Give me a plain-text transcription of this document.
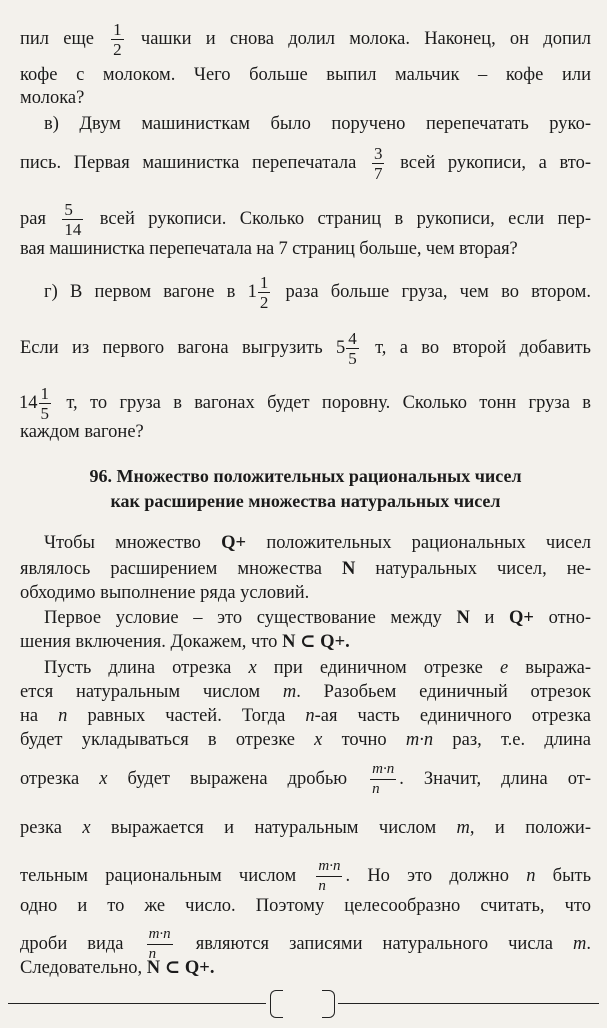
пил еще $\frac{1}{2}$ чашки и снова долил молока. Наконец, он допил
кофе с молоком. Чего больше выпил мальчик – кофе или
молока?
в) Двум машинисткам было поручено перепечатать руко-
пись. Первая машинистка перепечатала $\frac{3}{7}$ всей рукописи, а вто-
рая $\frac{5}{14}$ всей рукописи. Сколько страниц в рукописи, если пер-
вая машинистка перепечатала на 7 страниц больше, чем вторая?
г) В первом вагоне в $1 \frac{1}{2}$ раза больше груза, чем во втором.
Если из первого вагона выгрузить $5 \frac{4}{5} т$, а во второй добавить
$14 \frac{1}{5} т$, то груза в вагонах будет поровну. Сколько тонн груза в
каждом вагоне?
96. Множество положительных рациональных чисел
как расширение множества натуральных чисел
Чтобы множество Q+ положительных рациональных чисел
являлось расширением множества N натуральных чисел, не-
обходимо выполнение ряда условий.
Первое условие – это существование между N и Q+ отно-
шения включения. Докажем, что N ⊂ Q+.
Пусть длина отрезка x при единичном отрезке e выража-
ется натуральным числом m. Разобьем единичный отрезок
на n равных частей. Тогда n-ая часть единичного отрезка
будет укладываться в отрезке x точно m·n раз, т.е. длина
отрезка x будет выражена дробью $\frac{m\cdot n}{n}$ . Значит, длина от-
резка x выражается и натуральным числом m, и положи-
тельным рациональным числом $\frac{m\cdot n}{n}$ . Но это должно n быть
одно и то же число. Поэтому целесообразно считать, что
дроби вида $\frac{m\cdot n}{n}$ являются записями натурального числа m.
Следовательно, N ⊂ Q+.
